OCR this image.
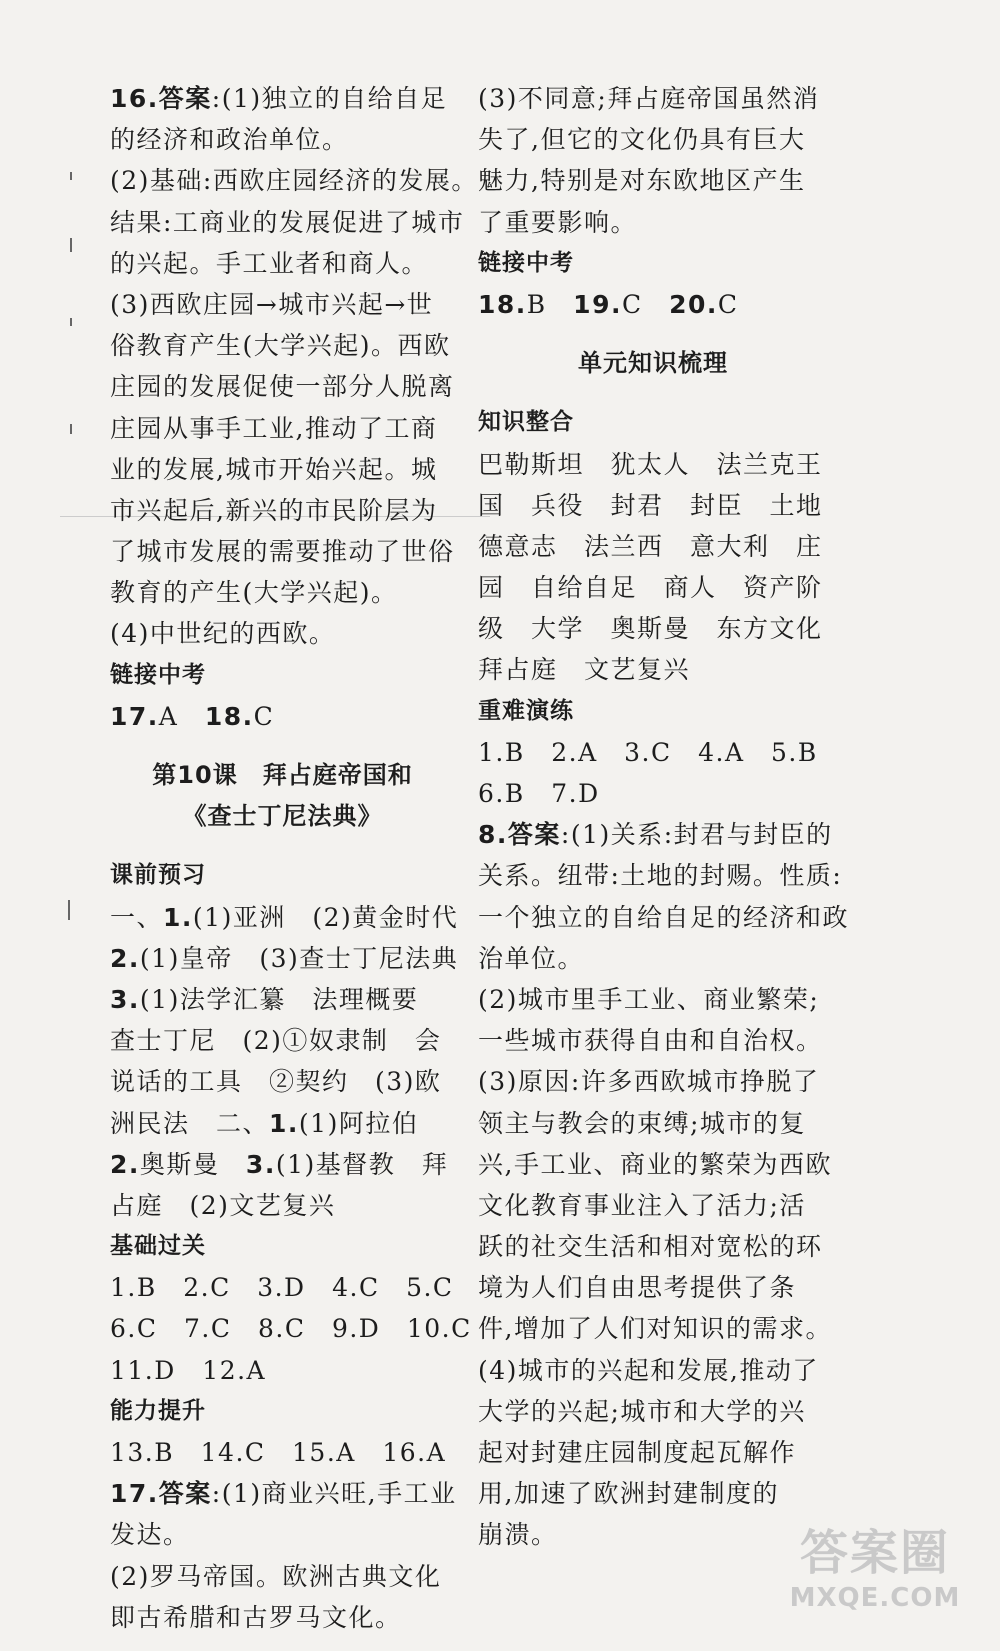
16.答案:(1)独立的自给自足
的经济和政治单位。
(2)基础:西欧庄园经济的发展。
结果:工商业的发展促进了城市
的兴起。手工业者和商人。
(3)西欧庄园→城市兴起→世
俗教育产生(大学兴起)。西欧
庄园的发展促使一部分人脱离
庄园从事手工业,推动了工商
业的发展,城市开始兴起。城
市兴起后,新兴的市民阶层为
了城市发展的需要推动了世俗
教育的产生(大学兴起)。
(4)中世纪的西欧。
链接中考
17.A　18.C
第10课　拜占庭帝国和
《查士丁尼法典》
课前预习
一、1.(1)亚洲　(2)黄金时代
2.(1)皇帝　(3)查士丁尼法典
3.(1)法学汇纂　法理概要
查士丁尼　(2)①奴隶制　会
说话的工具　②契约　(3)欧
洲民法　二、1.(1)阿拉伯
2.奥斯曼　3.(1)基督教　拜
占庭　(2)文艺复兴
基础过关
1.B　2.C　3.D　4.C　5.C
6.C　7.C　8.C　9.D　10.C
11.D　12.A
能力提升
13.B　14.C　15.A　16.A
17.答案:(1)商业兴旺,手工业
发达。
(2)罗马帝国。欧洲古典文化
即古希腊和古罗马文化。
(3)不同意;拜占庭帝国虽然消
失了,但它的文化仍具有巨大
魅力,特别是对东欧地区产生
了重要影响。
链接中考
18.B　19.C　20.C
单元知识梳理
知识整合
巴勒斯坦　犹太人　法兰克王
国　兵役　封君　封臣　土地
德意志　法兰西　意大利　庄
园　自给自足　商人　资产阶
级　大学　奥斯曼　东方文化
拜占庭　文艺复兴
重难演练
1.B　2.A　3.C　4.A　5.B
6.B　7.D
8.答案:(1)关系:封君与封臣的
关系。纽带:土地的封赐。性质:
一个独立的自给自足的经济和政
治单位。
(2)城市里手工业、商业繁荣;
一些城市获得自由和自治权。
(3)原因:许多西欧城市挣脱了
领主与教会的束缚;城市的复
兴,手工业、商业的繁荣为西欧
文化教育事业注入了活力;活
跃的社交生活和相对宽松的环
境为人们自由思考提供了条
件,增加了人们对知识的需求。
(4)城市的兴起和发展,推动了
大学的兴起;城市和大学的兴
起对封建庄园制度起瓦解作
用,加速了欧洲封建制度的
崩溃。	答案圈
MXQE.COM
